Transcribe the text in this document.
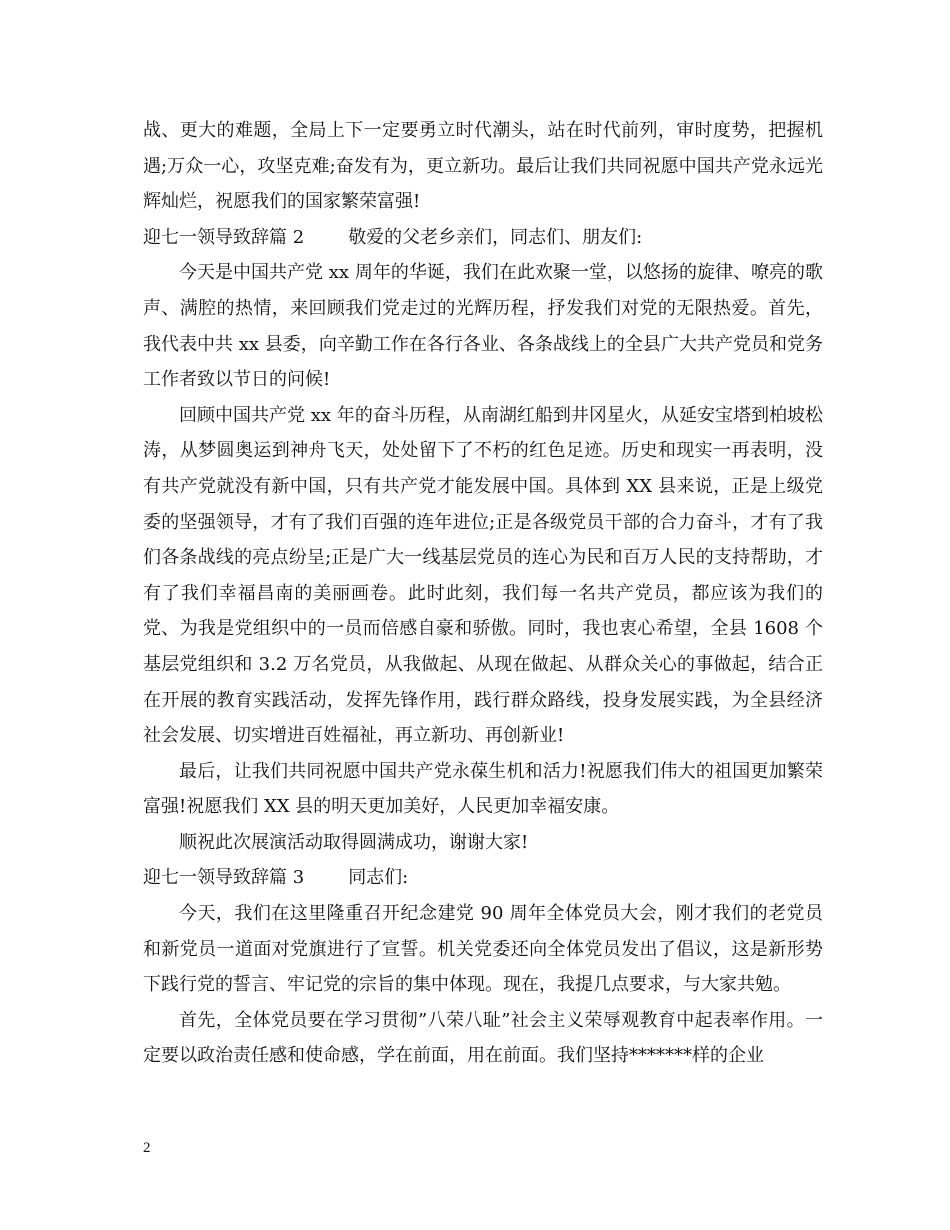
战、更大的难题，全局上下一定要勇立时代潮头，站在时代前列，审时度势，把握机遇;万众一心，攻坚克难;奋发有为，更立新功。最后让我们共同祝愿中国共产党永远光辉灿烂，祝愿我们的国家繁荣富强!

迎七一领导致辞篇 2 敬爱的父老乡亲们，同志们、朋友们:

今天是中国共产党 xx 周年的华诞，我们在此欢聚一堂，以悠扬的旋律、嘹亮的歌声、满腔的热情，来回顾我们党走过的光辉历程，抒发我们对党的无限热爱。首先，我代表中共 xx 县委，向辛勤工作在各行各业、各条战线上的全县广大共产党员和党务工作者致以节日的问候!

回顾中国共产党 xx 年的奋斗历程，从南湖红船到井冈星火，从延安宝塔到柏坡松涛，从梦圆奥运到神舟飞天，处处留下了不朽的红色足迹。历史和现实一再表明，没有共产党就没有新中国，只有共产党才能发展中国。具体到 XX 县来说，正是上级党委的坚强领导，才有了我们百强的连年进位;正是各级党员干部的合力奋斗，才有了我们各条战线的亮点纷呈;正是广大一线基层党员的连心为民和百万人民的支持帮助，才有了我们幸福昌南的美丽画卷。此时此刻，我们每一名共产党员，都应该为我们的党、为我是党组织中的一员而倍感自豪和骄傲。同时，我也衷心希望，全县 1608 个基层党组织和 3.2 万名党员，从我做起、从现在做起、从群众关心的事做起，结合正在开展的教育实践活动，发挥先锋作用，践行群众路线，投身发展实践，为全县经济社会发展、切实增进百姓福祉，再立新功、再创新业!

最后，让我们共同祝愿中国共产党永葆生机和活力!祝愿我们伟大的祖国更加繁荣富强!祝愿我们 XX 县的明天更加美好，人民更加幸福安康。

顺祝此次展演活动取得圆满成功，谢谢大家!

迎七一领导致辞篇 3 同志们:

今天，我们在这里隆重召开纪念建党 90 周年全体党员大会，刚才我们的老党员和新党员一道面对党旗进行了宣誓。机关党委还向全体党员发出了倡议，这是新形势下践行党的誓言、牢记党的宗旨的集中体现。现在，我提几点要求，与大家共勉。

首先，全体党员要在学习贯彻”八荣八耻”社会主义荣辱观教育中起表率作用。一定要以政治责任感和使命感，学在前面，用在前面。我们坚持*******样的企业

2
